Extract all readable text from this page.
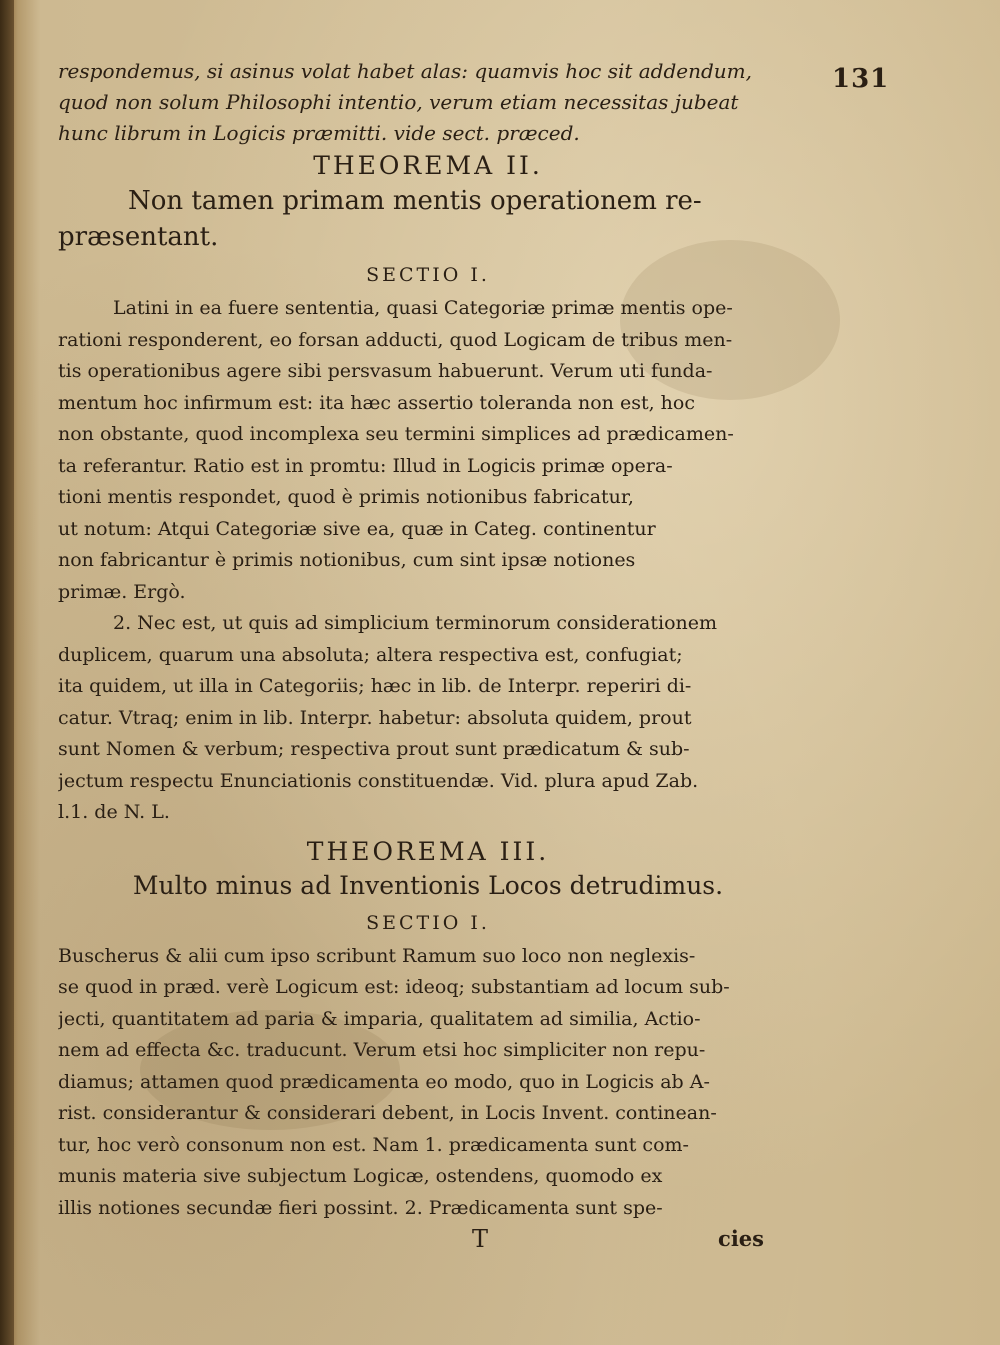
131
respondemus, si asinus volat habet alas: quamvis hoc sit addendum,
quod non solum Philosophi intentio, verum etiam necessitas jubeat
hunc librum in Logicis præmitti. vide sect. præced.
THEOREMA II.
Non tamen primam mentis operationem re-
præsentant.
SECTIO I.
Latini in ea fuere sententia, quasi Categoriæ primæ mentis ope-
rationi responderent, eo forsan adducti, quod Logicam de tribus men-
tis operationibus agere sibi persvasum habuerunt. Verum uti funda-
mentum hoc infirmum est: ita hæc assertio toleranda non est, hoc
non obstante, quod incomplexa seu termini simplices ad prædicamen-
ta referantur. Ratio est in promtu: Illud in Logicis primæ opera-
tioni mentis respondet, quod è primis notionibus fabricatur,
ut notum: Atqui Categoriæ sive ea, quæ in Categ. continentur
non fabricantur è primis notionibus, cum sint ipsæ notiones
primæ. Ergò.
2. Nec est, ut quis ad simplicium terminorum considerationem
duplicem, quarum una absoluta; altera respectiva est, confugiat;
ita quidem, ut illa in Categoriis; hæc in lib. de Interpr. reperiri di-
catur. Vtraq; enim in lib. Interpr. habetur: absoluta quidem, prout
sunt Nomen & verbum; respectiva prout sunt prædicatum & sub-
jectum respectu Enunciationis constituendæ. Vid. plura apud Zab.
l.1. de N. L.
THEOREMA III.
Multo minus ad Inventionis Locos detrudimus.
SECTIO I.
Buscherus & alii cum ipso scribunt Ramum suo loco non neglexis-
se quod in præd. verè Logicum est: ideoq; substantiam ad locum sub-
jecti, quantitatem ad paria & imparia, qualitatem ad similia, Actio-
nem ad effecta &c. traducunt. Verum etsi hoc simpliciter non repu-
diamus; attamen quod prædicamenta eo modo, quo in Logicis ab A-
rist. considerantur & considerari debent, in Locis Invent. continean-
tur, hoc verò consonum non est. Nam 1. prædicamenta sunt com-
munis materia sive subjectum Logicæ, ostendens, quomodo ex
illis notiones secundæ fieri possint. 2. Prædicamenta sunt spe-
T	cies
